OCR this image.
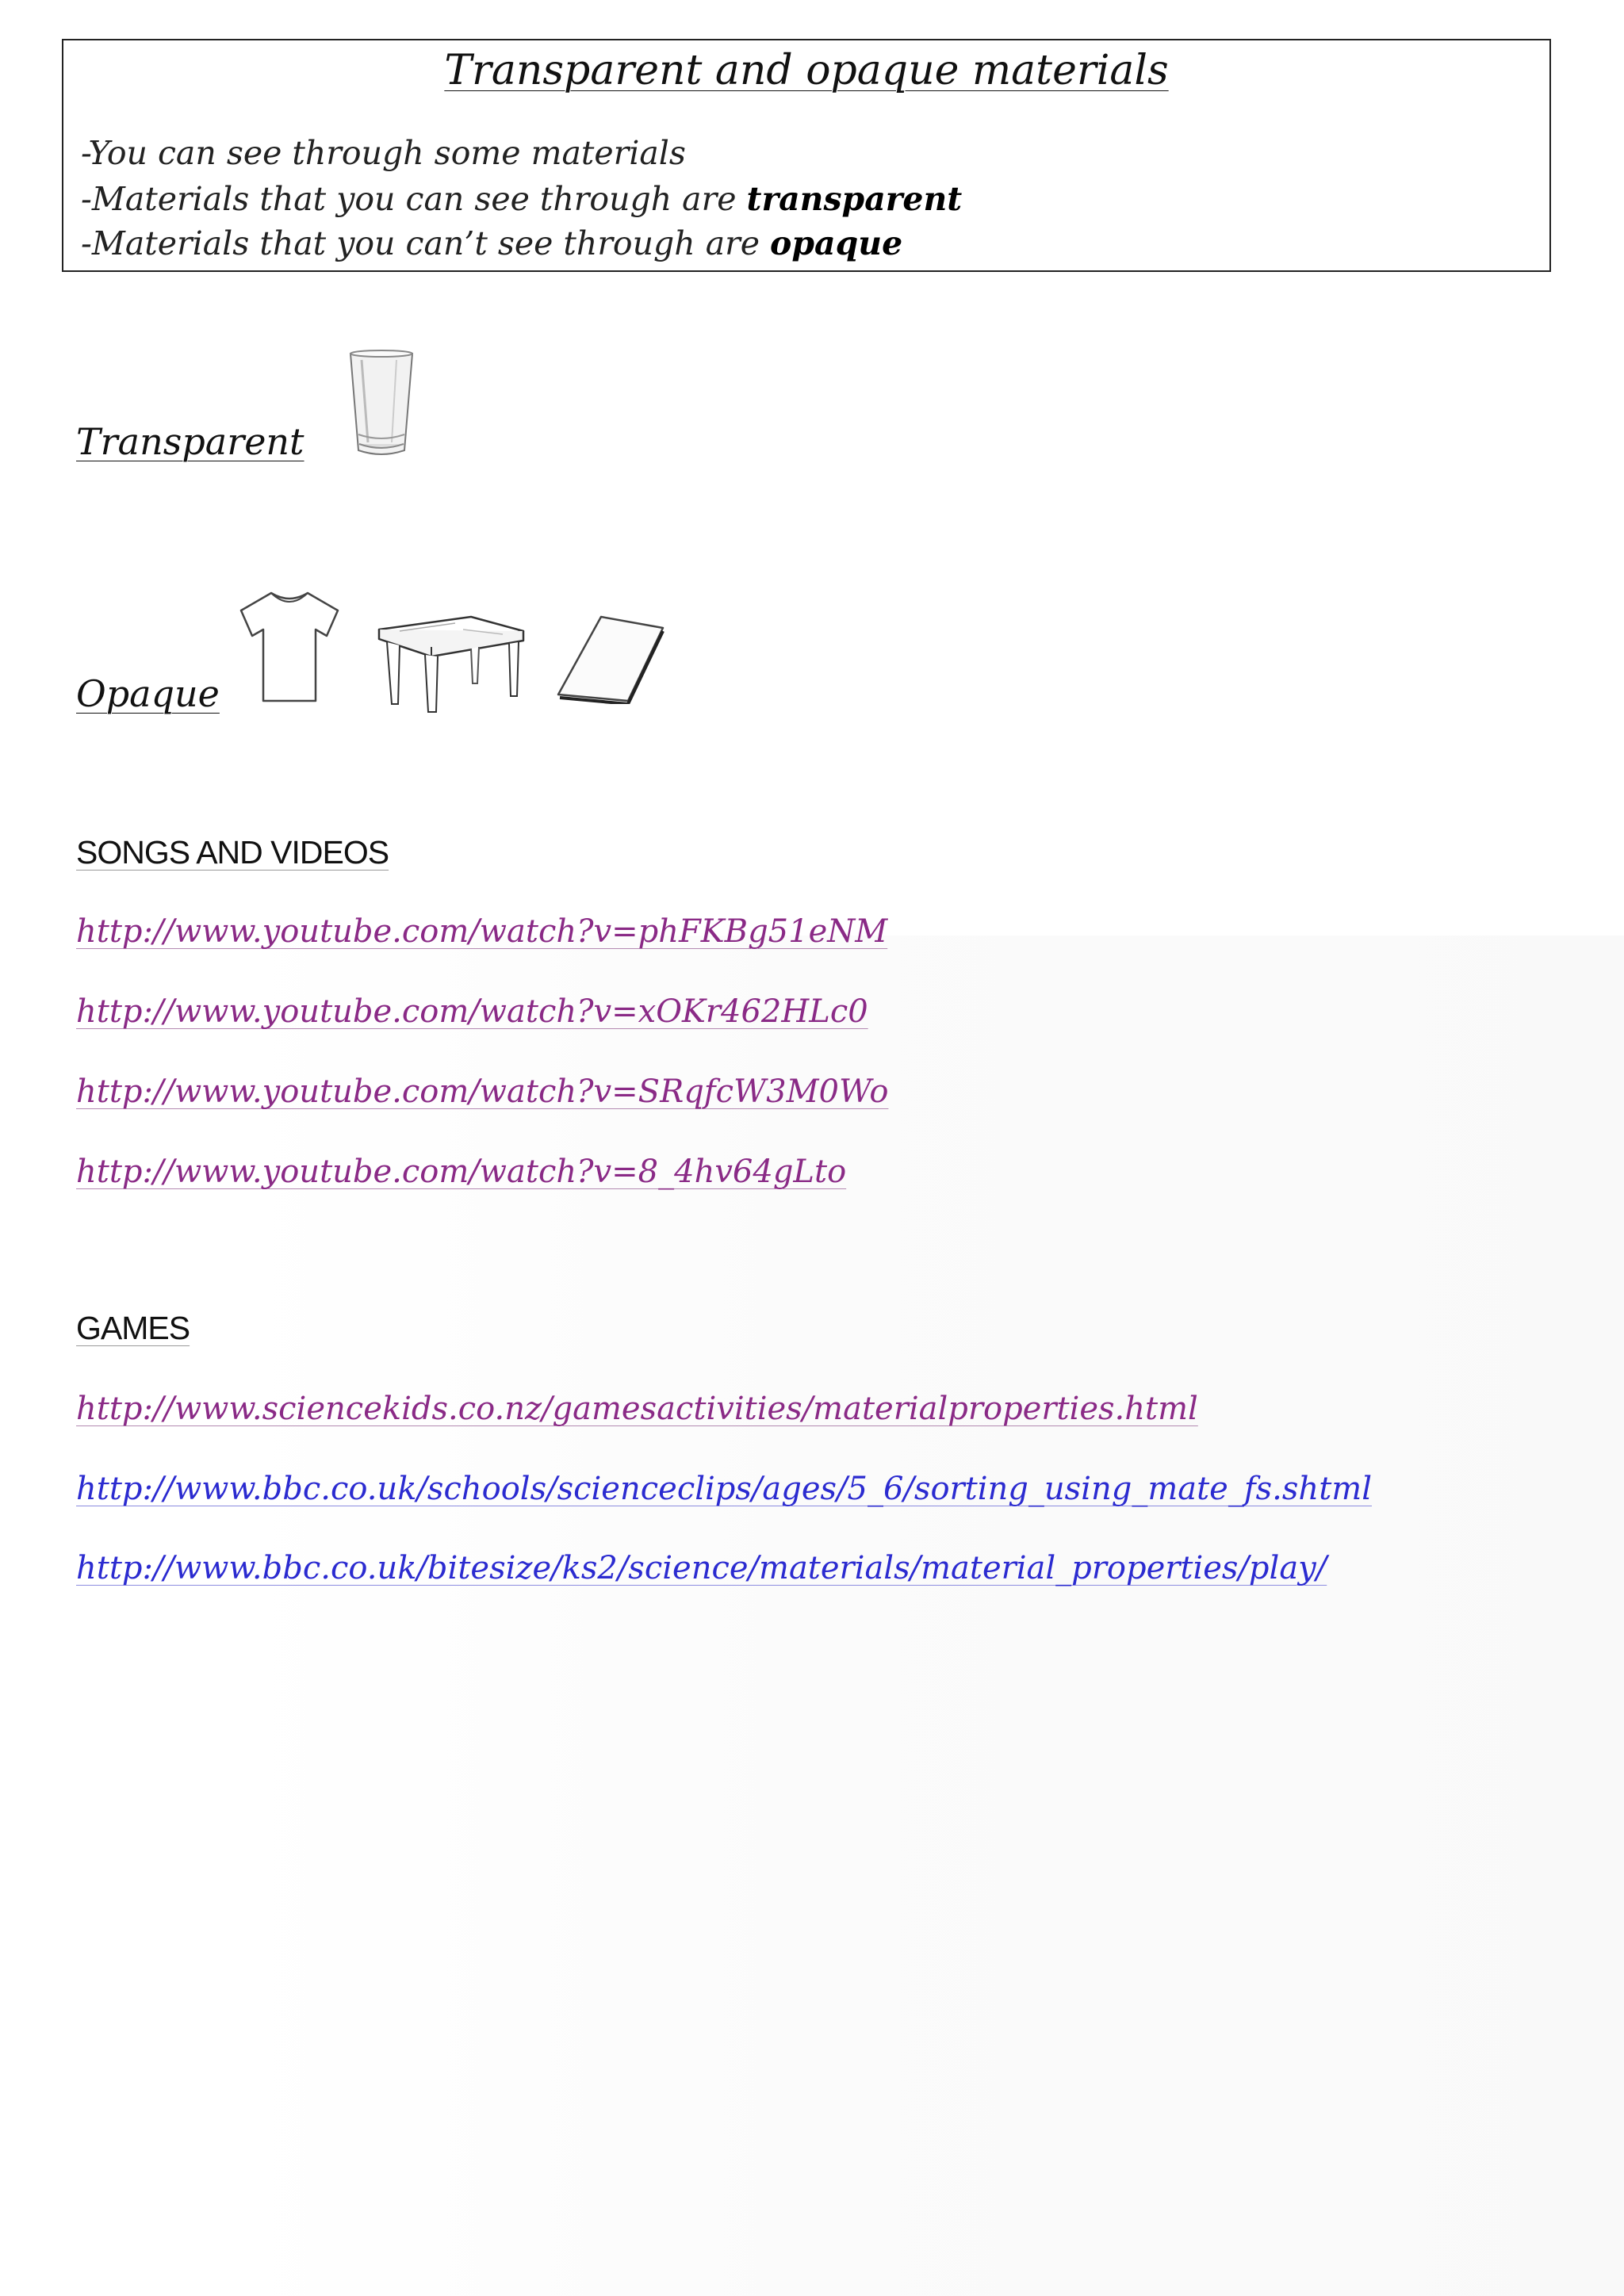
Transparent and opaque materials
-You can see through some materials
-Materials that you can see through are transparent
-Materials that you can’t see through are opaque
Transparent
Opaque
SONGS AND VIDEOS
http://www.youtube.com/watch?v=phFKBg51eNM
http://www.youtube.com/watch?v=xOKr462HLc0
http://www.youtube.com/watch?v=SRqfcW3M0Wo
http://www.youtube.com/watch?v=8_4hv64gLto
GAMES
http://www.sciencekids.co.nz/gamesactivities/materialproperties.html
http://www.bbc.co.uk/schools/scienceclips/ages/5_6/sorting_using_mate_fs.shtml
http://www.bbc.co.uk/bitesize/ks2/science/materials/material_properties/play/
